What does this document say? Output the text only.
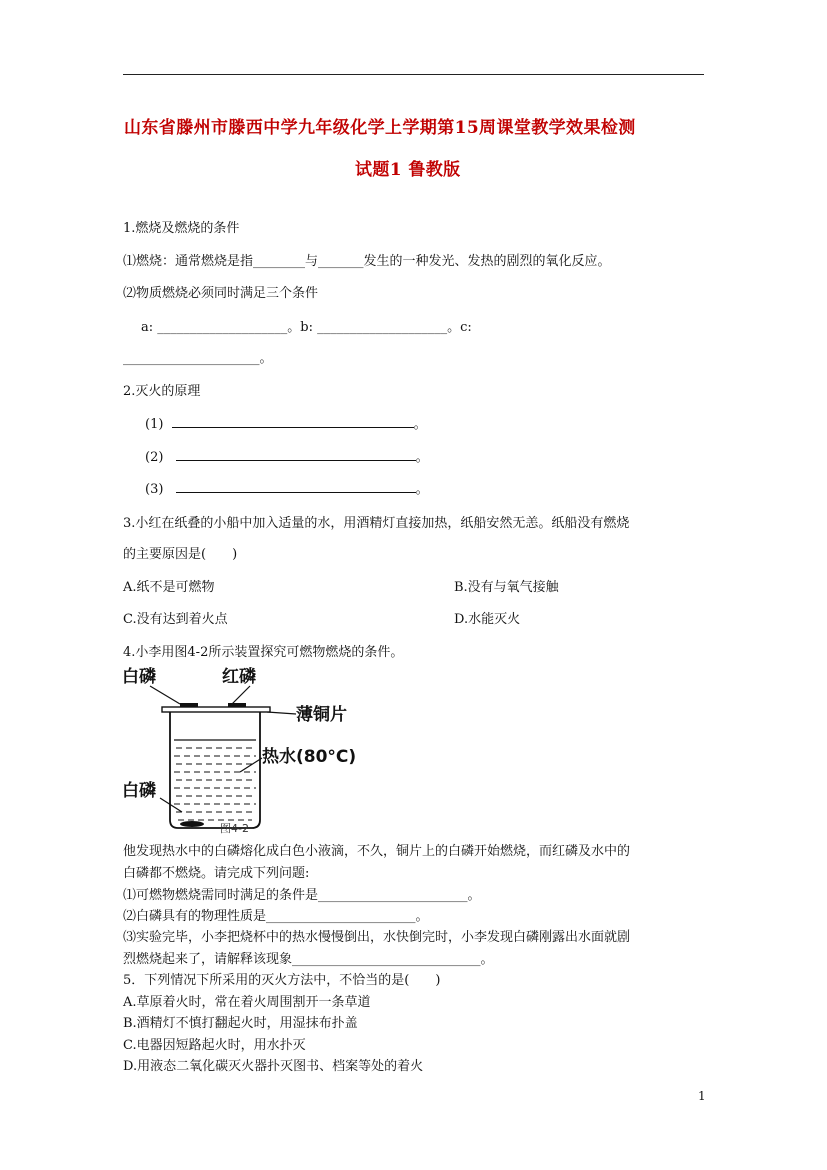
山东省滕州市滕西中学九年级化学上学期第15周课堂教学效果检测
试题1 鲁教版
1.燃烧及燃烧的条件
⑴燃烧：通常燃烧是指________与_______发生的一种发光、发热的剧烈的氧化反应。
⑵物质燃烧必须同时满足三个条件
a: ____________________。b: ____________________。c:
_____________________。
2.灭火的原理
(1)	。
(2)	。
(3)	。
3.小红在纸叠的小船中加入适量的水，用酒精灯直接加热，纸船安然无恙。纸船没有燃烧
的主要原因是(　　)
A.纸不是可燃物	B.没有与氧气接触
C.没有达到着火点	D.水能灭火
4.小李用图4-2所示装置探究可燃物燃烧的条件。
白磷	红磷
薄铜片
热水(80°C)
白磷
图4-2
他发现热水中的白磷熔化成白色小液滴，不久，铜片上的白磷开始燃烧，而红磷及水中的
白磷都不燃烧。请完成下列问题:
⑴可燃物燃烧需同时满足的条件是_______________________。
⑵白磷具有的物理性质是_______________________。
⑶实验完毕，小李把烧杯中的热水慢慢倒出，水快倒完时，小李发现白磷刚露出水面就剧
烈燃烧起来了，请解释该现象_____________________________。
5．下列情况下所采用的灭火方法中，不恰当的是(　　)
A.草原着火时，常在着火周围割开一条草道
B.酒精灯不慎打翻起火时，用湿抹布扑盖
C.电器因短路起火时，用水扑灭
D.用液态二氧化碳灭火器扑灭图书、档案等处的着火
1
